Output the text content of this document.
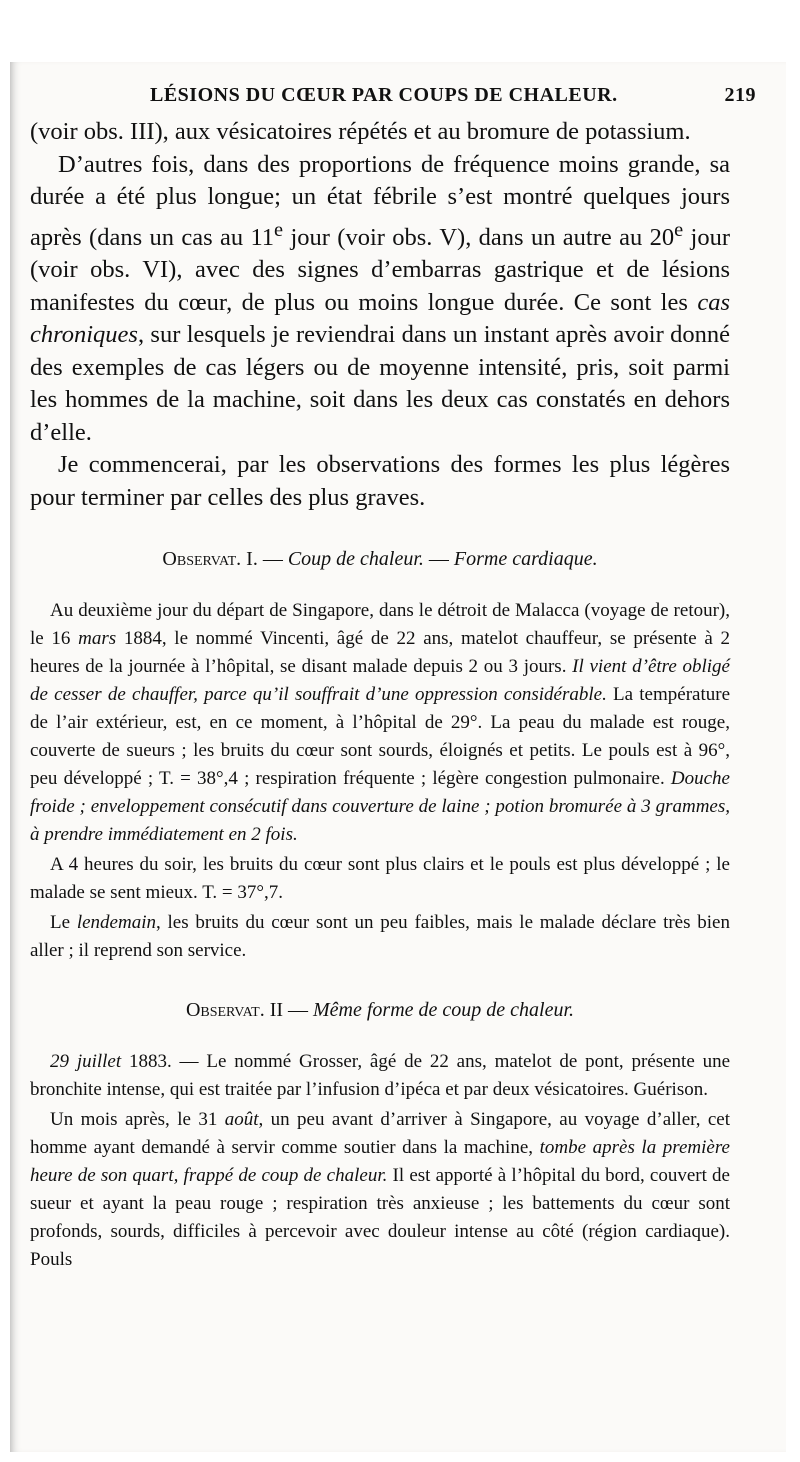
LÉSIONS DU CŒUR PAR COUPS DE CHALEUR.	219

(voir obs. III), aux vésicatoires répétés et au bromure de potassium.

D’autres fois, dans des proportions de fréquence moins grande, sa durée a été plus longue; un état fébrile s’est montré quelques jours après (dans un cas au 11e jour (voir obs. V), dans un autre au 20e jour (voir obs. VI), avec des signes d’embarras gastrique et de lésions manifestes du cœur, de plus ou moins longue durée. Ce sont les cas chroniques, sur lesquels je reviendrai dans un instant après avoir donné des exemples de cas légers ou de moyenne intensité, pris, soit parmi les hommes de la machine, soit dans les deux cas constatés en dehors d’elle.

Je commencerai, par les observations des formes les plus légères pour terminer par celles des plus graves.

Observat. I. — Coup de chaleur. — Forme cardiaque.

Au deuxième jour du départ de Singapore, dans le détroit de Malacca (voyage de retour), le 16 mars 1884, le nommé Vincenti, âgé de 22 ans, matelot chauffeur, se présente à 2 heures de la journée à l’hôpital, se disant malade depuis 2 ou 3 jours. Il vient d’être obligé de cesser de chauffer, parce qu’il souffrait d’une oppression considérable. La température de l’air extérieur, est, en ce moment, à l’hôpital de 29°. La peau du malade est rouge, couverte de sueurs ; les bruits du cœur sont sourds, éloignés et petits. Le pouls est à 96°, peu développé ; T. = 38°,4 ; respiration fréquente ; légère congestion pulmonaire. Douche froide ; enveloppement consécutif dans couverture de laine ; potion bromurée à 3 grammes, à prendre immédiatement en 2 fois.

A 4 heures du soir, les bruits du cœur sont plus clairs et le pouls est plus développé ; le malade se sent mieux. T. = 37°,7.

Le lendemain, les bruits du cœur sont un peu faibles, mais le malade déclare très bien aller ; il reprend son service.

Observat. II — Même forme de coup de chaleur.

29 juillet 1883. — Le nommé Grosser, âgé de 22 ans, matelot de pont, présente une bronchite intense, qui est traitée par l’infusion d’ipéca et par deux vésicatoires. Guérison.

Un mois après, le 31 août, un peu avant d’arriver à Singapore, au voyage d’aller, cet homme ayant demandé à servir comme soutier dans la machine, tombe après la première heure de son quart, frappé de coup de chaleur. Il est apporté à l’hôpital du bord, couvert de sueur et ayant la peau rouge ; respiration très anxieuse ; les battements du cœur sont profonds, sourds, difficiles à percevoir avec douleur intense au côté (région cardiaque). Pouls
